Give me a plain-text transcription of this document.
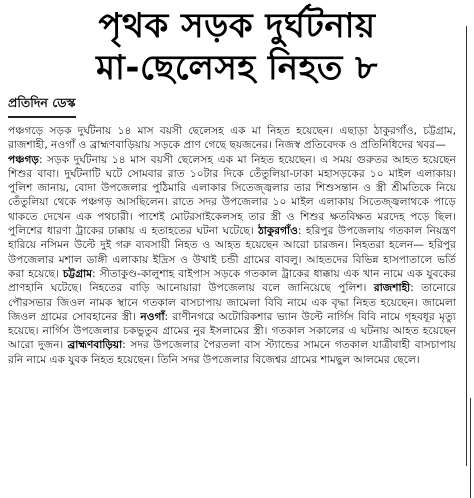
পৃথক সড়ক দুর্ঘটনায়
মা-ছেলেসহ নিহত ৮
প্রতিদিন ডেস্ক

পঞ্চগড়ে সড়ক দুর্ঘটনায় ১৪ মাস বয়সী ছেলেসহ এক মা নিহত হয়েছেন। এছাড়া ঠাকুরগাঁও, চট্টগ্রাম, রাজশাহী, নওগাঁ ও ব্রাহ্মণবাড়িয়ায় সড়কে প্রাণ গেছে ছয়জনের। নিজস্ব প্রতিবেদক ও প্রতিনিধিদের খবর—

পঞ্চগড়: সড়ক দুর্ঘটনায় ১৪ মাস বয়সী ছেলেসহ এক মা নিহত হয়েছেন। এ সময় গুরুতর আহত হয়েছেন শিশুর বাবা। দুর্ঘটনাটি ঘটে সোমবার রাত ১০টার দিকে তেঁতুলিয়া-ঢাকা মহাসড়কের ১০ মাইল এলাকায়। পুলিশ জানায়, বোদা উপজেলার পুঠিমারি এলাকার সিতেজ্জ্বলার তার শিশুসন্তান ও স্ত্রী শ্রীমতিকে নিয়ে তেঁতুলিয়া থেকে পঞ্চগড় আসছিলেন। রাতে সদর উপজেলার ১০ মাইল এলাকায় সিতেজ্জ্বলাথকে পাড়ে থাকতে দেখেন এক পথচারী। পাশেই মোটরসাইকেলসহ তার স্ত্রী ও শিশুর ক্ষতবিক্ষত মরদেহ পড়ে ছিল। পুলিশের ধারণা ট্রাকের ঢাক্কায় এ হতাহতের ঘটনা ঘটেছে। ঠাকুরগাঁও: হরিপুর উপজেলায় গতকাল নিয়ন্ত্রণ হারিয়ে নসিমন উল্টে দুই গরু ব্যবসায়ী নিহত ও আহত হয়েছেন আরো চারজন। নিহতরা হলেন— হরিপুর উপজেলার মশাল ডাঙ্গী এলাকায় ইদ্রিস ও উখাই চন্ডী গ্রামের বাবলু। আহতদের বিভিন্ন হাসপাতালে ভর্তি করা হয়েছে। চট্টগ্রাম: সীতাকুণ্ড-কালুশাহ বাইপাস সড়কে গতকাল ট্রাকের ধাক্কায় এক খান নামে এক যুবকের প্রাণহানি ঘটেছে। নিহতের বাড়ি আনোয়ারা উপজেলায় বলে জানিয়েছে পুলিশ। রাজশাহী: তানোরে পৌরসভার জিওল নামক স্থানে গতকাল বাসচাপায় জামেলা বিবি নামে এক বৃদ্ধা নিহত হয়েছেন। জামেলা জিওল গ্রামের সোবহানের স্ত্রী। নওগাঁ: রাণীনগরে অটোরিকশার ভ্যান উল্টে নার্গিস বিবি নামে গৃহবধূর মৃত্যু হয়েছে। নার্গিস উপজেলার চকভুতুব গ্রামের নুর ইসলামের স্ত্রী। গতকাল সকালের এ ঘটনায় আহত হয়েছেন আরো দুজন। ব্রাহ্মণবাড়িয়া: সদর উপজেলার পৈরতলা বাস স্ট্যান্ডের সামনে গতকাল যাত্রীবাহী বাসচাপায় রনি নামে এক যুবক নিহত হয়েছেন। তিনি সদর উপজেলার বিজেশ্বর গ্রামের শামছুল আলমের ছেলে।
